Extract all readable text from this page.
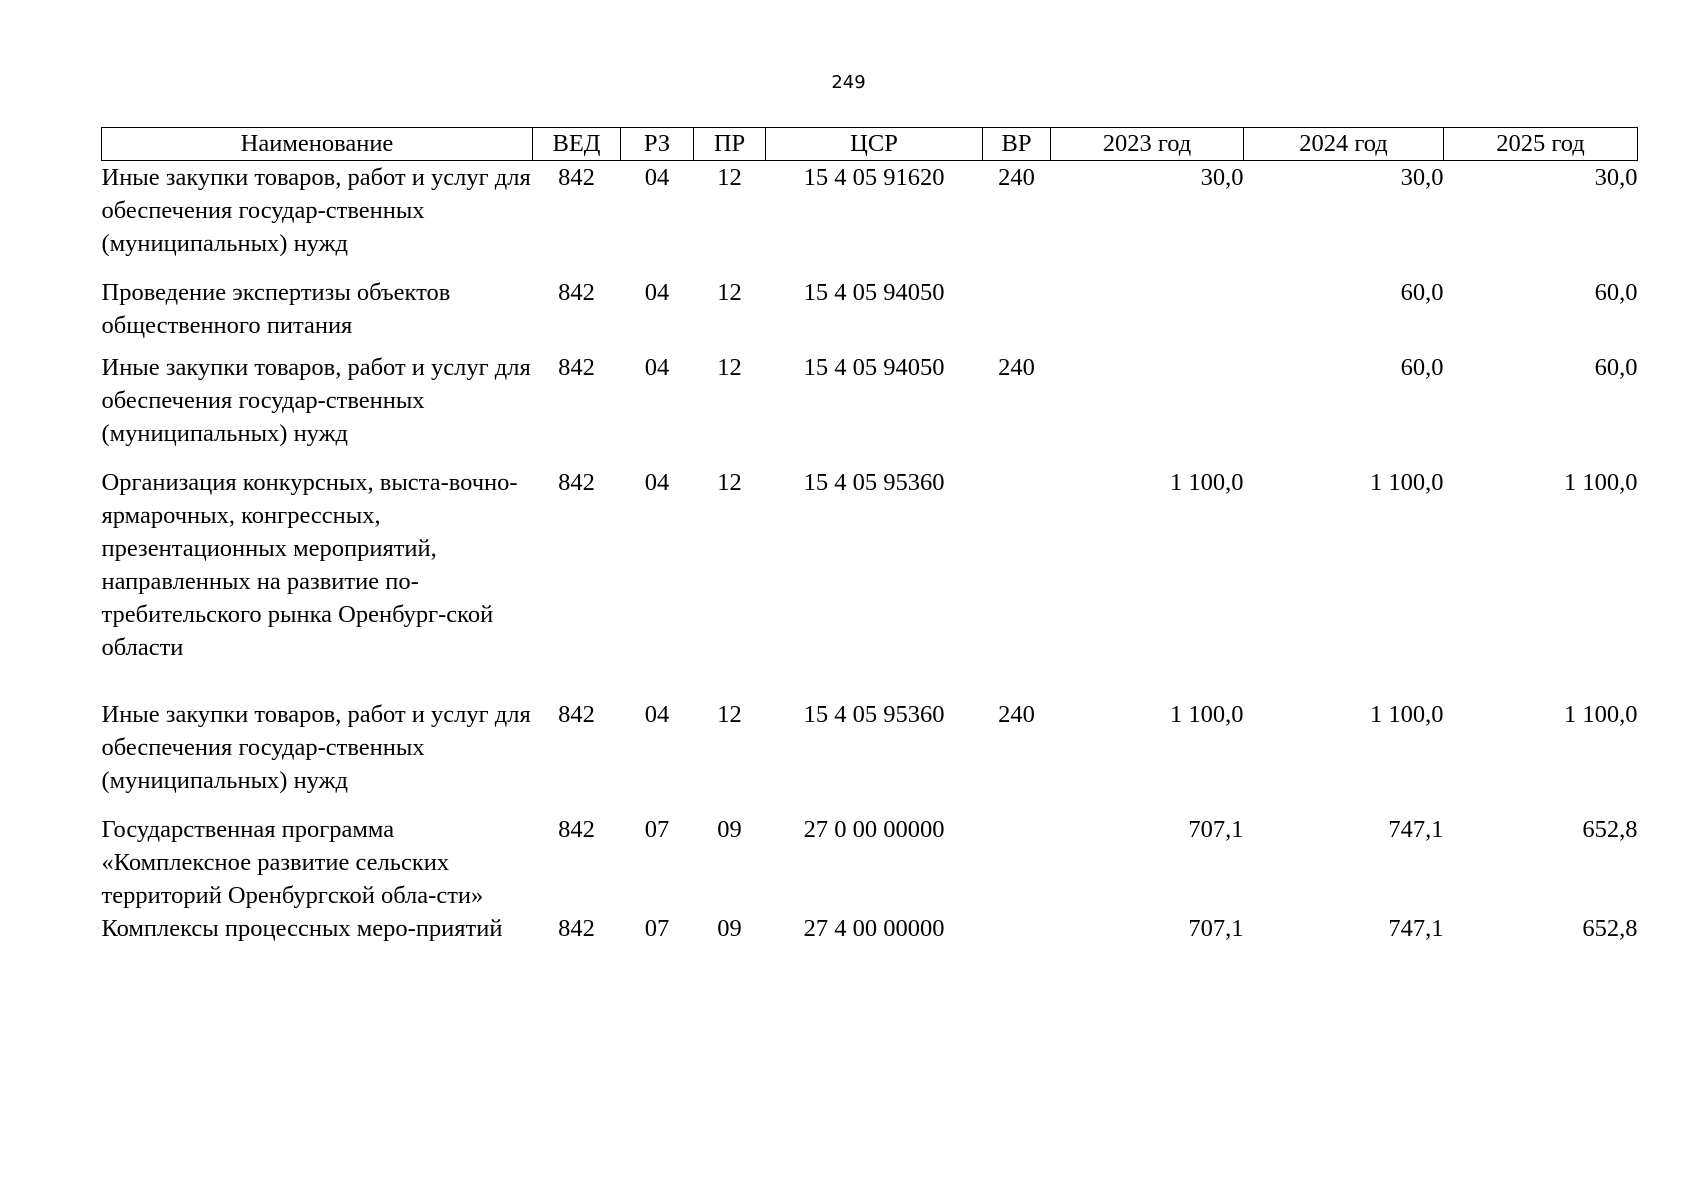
249
Наименование	ВЕД	РЗ	ПР	ЦСР	ВР	2023 год	2024 год	2025 год
Иные закупки товаров, работ и услуг для обеспечения государ-ственных (муниципальных) нужд	842	04	12	15 4 05 91620	240	30,0	30,0	30,0
Проведение экспертизы объектов общественного питания	842	04	12	15 4 05 94050			60,0	60,0
Иные закупки товаров, работ и услуг для обеспечения государ-ственных (муниципальных) нужд	842	04	12	15 4 05 94050	240		60,0	60,0
Организация конкурсных, выста-вочно-ярмарочных, конгрессных, презентационных мероприятий, направленных на развитие по-требительского рынка Оренбург-ской области	842	04	12	15 4 05 95360		1 100,0	1 100,0	1 100,0
Иные закупки товаров, работ и услуг для обеспечения государ-ственных (муниципальных) нужд	842	04	12	15 4 05 95360	240	1 100,0	1 100,0	1 100,0
Государственная программа «Комплексное развитие сельских территорий Оренбургской обла-сти»	842	07	09	27 0 00 00000		707,1	747,1	652,8
Комплексы процессных меро-приятий	842	07	09	27 4 00 00000		707,1	747,1	652,8
